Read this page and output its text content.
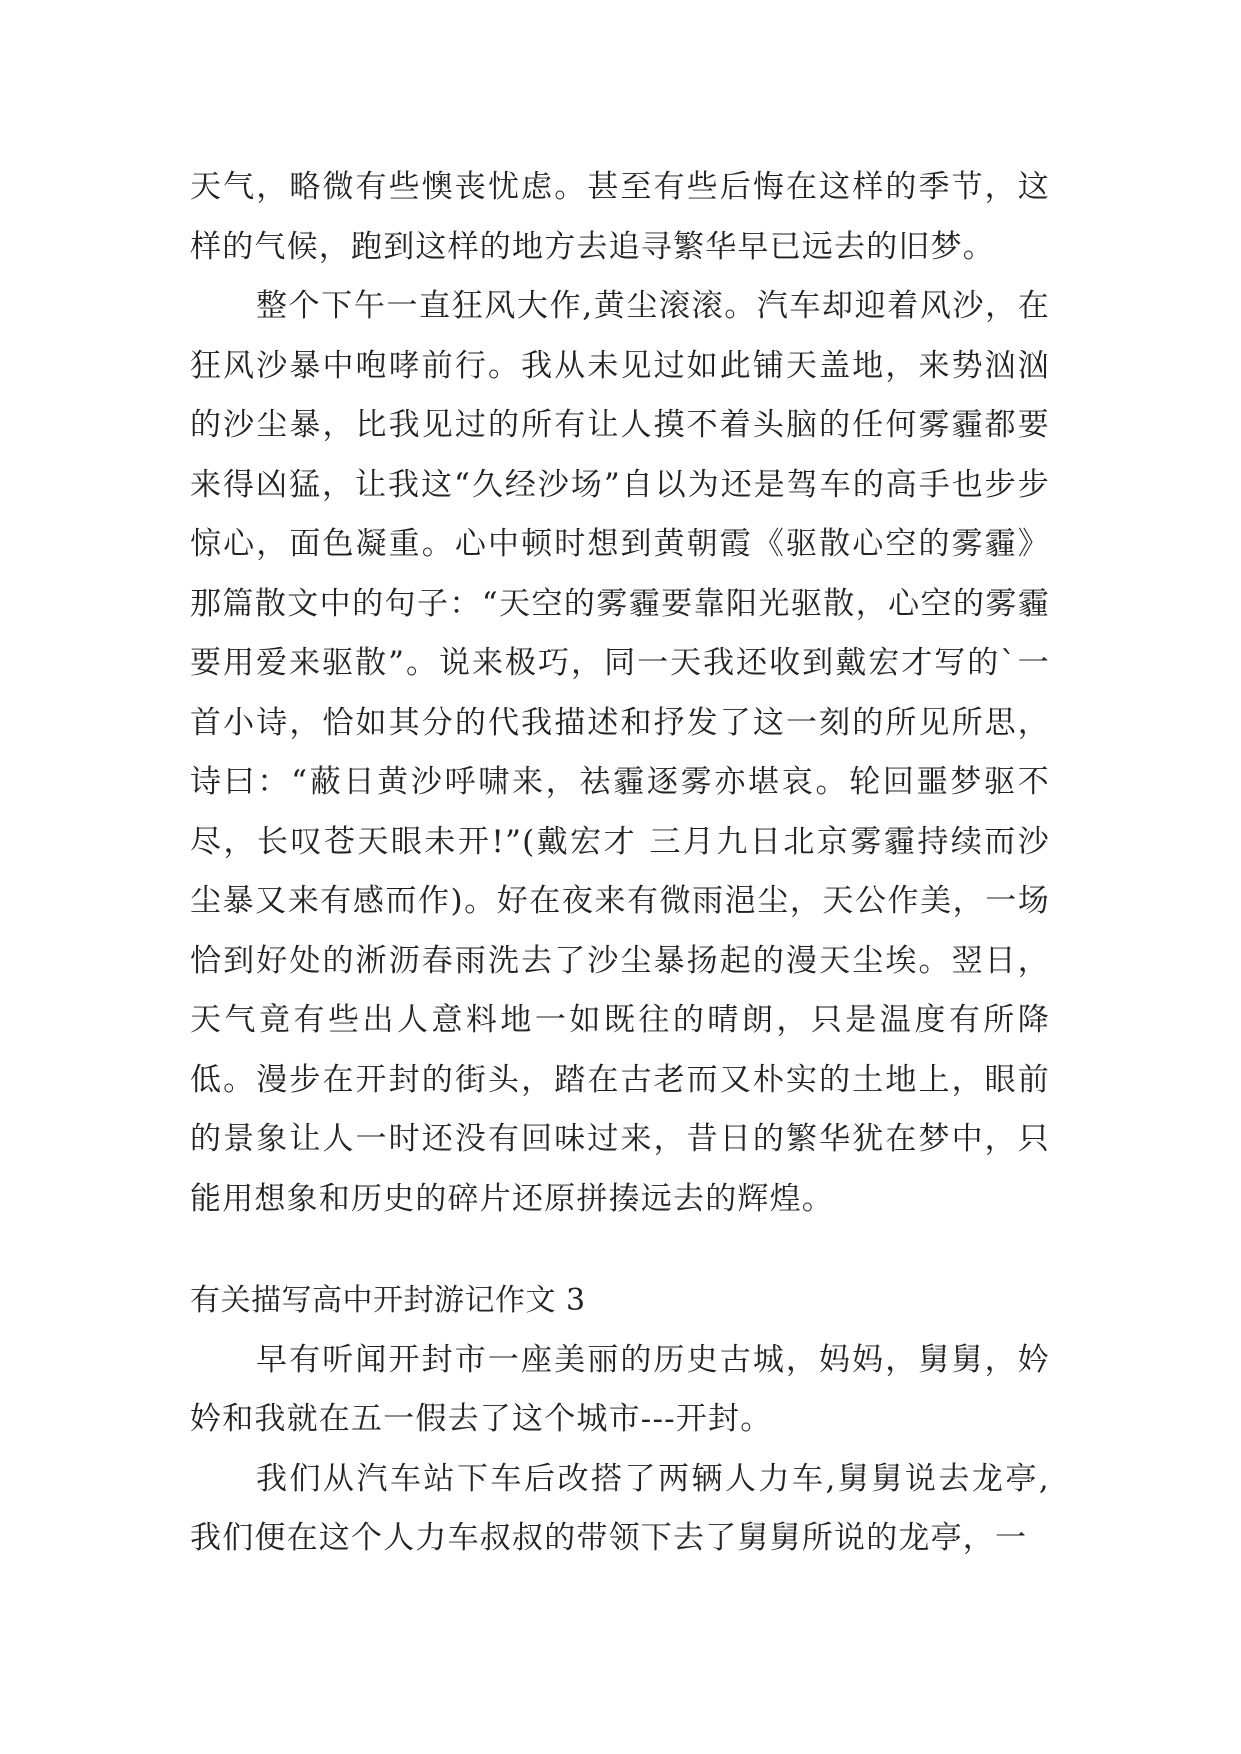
天气，略微有些懊丧忧虑。甚至有些后悔在这样的季节，这样的气候，跑到这样的地方去追寻繁华早已远去的旧梦。

整个下午一直狂风大作,黄尘滚滚。汽车却迎着风沙，在狂风沙暴中咆哮前行。我从未见过如此铺天盖地，来势汹汹的沙尘暴，比我见过的所有让人摸不着头脑的任何雾霾都要来得凶猛，让我这“久经沙场”自以为还是驾车的高手也步步惊心，面色凝重。心中顿时想到黄朝霞《驱散心空的雾霾》那篇散文中的句子：“天空的雾霾要靠阳光驱散，心空的雾霾要用爱来驱散”。说来极巧，同一天我还收到戴宏才写的`一首小诗，恰如其分的代我描述和抒发了这一刻的所见所思，诗曰：“蔽日黄沙呼啸来，祛霾逐雾亦堪哀。轮回噩梦驱不尽，长叹苍天眼未开!”(戴宏才 三月九日北京雾霾持续而沙尘暴又来有感而作)。好在夜来有微雨浥尘，天公作美，一场恰到好处的淅沥春雨洗去了沙尘暴扬起的漫天尘埃。翌日，天气竟有些出人意料地一如既往的晴朗，只是温度有所降低。漫步在开封的街头，踏在古老而又朴实的土地上，眼前的景象让人一时还没有回味过来，昔日的繁华犹在梦中，只能用想象和历史的碎片还原拼揍远去的辉煌。

有关描写高中开封游记作文 3

早有听闻开封市一座美丽的历史古城，妈妈，舅舅，妗妗和我就在五一假去了这个城市---开封。

我们从汽车站下车后改搭了两辆人力车,舅舅说去龙亭,我们便在这个人力车叔叔的带领下去了舅舅所说的龙亭，一
